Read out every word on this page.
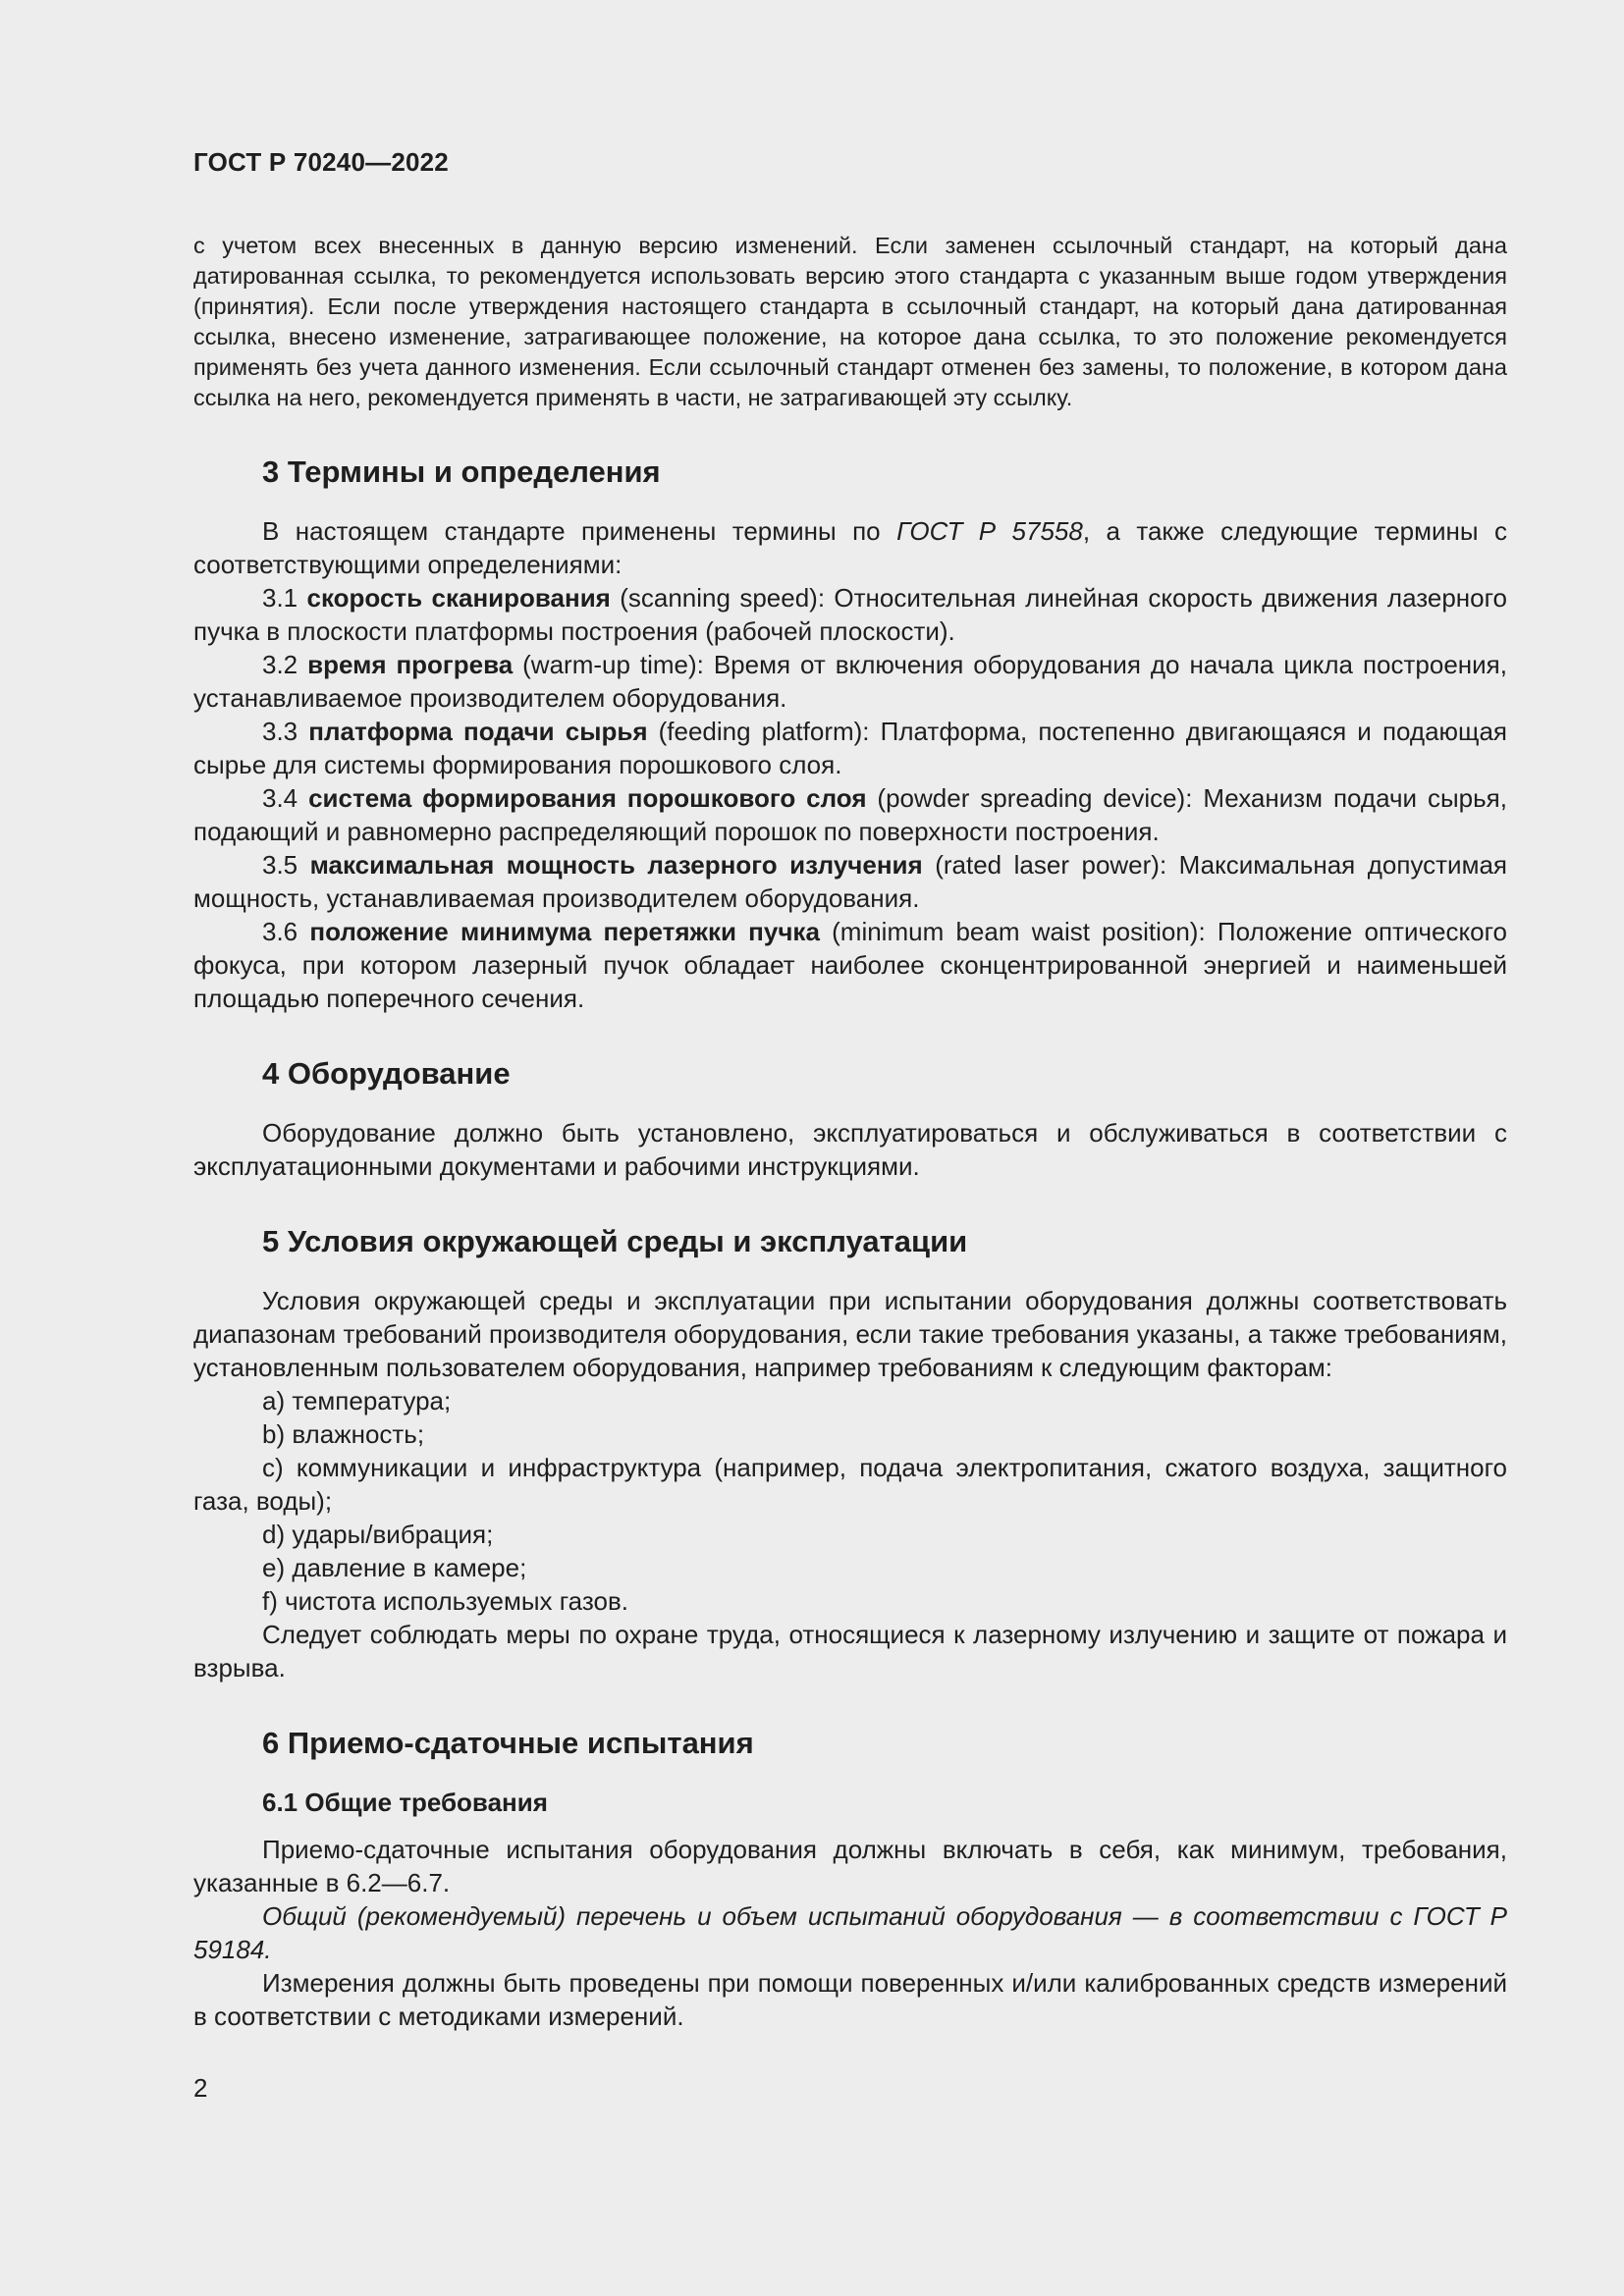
ГОСТ Р 70240—2022

с учетом всех внесенных в данную версию изменений. Если заменен ссылочный стандарт, на который дана датированная ссылка, то рекомендуется использовать версию этого стандарта с указанным выше годом утверждения (принятия). Если после утверждения настоящего стандарта в ссылочный стандарт, на который дана датированная ссылка, внесено изменение, затрагивающее положение, на которое дана ссылка, то это положение рекомендуется применять без учета данного изменения. Если ссылочный стандарт отменен без замены, то положение, в котором дана ссылка на него, рекомендуется применять в части, не затрагивающей эту ссылку.

3 Термины и определения

В настоящем стандарте применены термины по ГОСТ Р 57558, а также следующие термины с соответствующими определениями:

3.1 скорость сканирования (scanning speed): Относительная линейная скорость движения лазерного пучка в плоскости платформы построения (рабочей плоскости).

3.2 время прогрева (warm-up time): Время от включения оборудования до начала цикла построения, устанавливаемое производителем оборудования.

3.3 платформа подачи сырья (feeding platform): Платформа, постепенно двигающаяся и подающая сырье для системы формирования порошкового слоя.

3.4 система формирования порошкового слоя (powder spreading device): Механизм подачи сырья, подающий и равномерно распределяющий порошок по поверхности построения.

3.5 максимальная мощность лазерного излучения (rated laser power): Максимальная допустимая мощность, устанавливаемая производителем оборудования.

3.6 положение минимума перетяжки пучка (minimum beam waist position): Положение оптического фокуса, при котором лазерный пучок обладает наиболее сконцентрированной энергией и наименьшей площадью поперечного сечения.

4 Оборудование

Оборудование должно быть установлено, эксплуатироваться и обслуживаться в соответствии с эксплуатационными документами и рабочими инструкциями.

5 Условия окружающей среды и эксплуатации

Условия окружающей среды и эксплуатации при испытании оборудования должны соответствовать диапазонам требований производителя оборудования, если такие требования указаны, а также требованиям, установленным пользователем оборудования, например требованиям к следующим факторам:

a) температура;

b) влажность;

c) коммуникации и инфраструктура (например, подача электропитания, сжатого воздуха, защитного газа, воды);

d) удары/вибрация;

e) давление в камере;

f) чистота используемых газов.

Следует соблюдать меры по охране труда, относящиеся к лазерному излучению и защите от пожара и взрыва.

6 Приемо-сдаточные испытания
6.1 Общие требования

Приемо-сдаточные испытания оборудования должны включать в себя, как минимум, требования, указанные в 6.2—6.7.

Общий (рекомендуемый) перечень и объем испытаний оборудования — в соответствии с ГОСТ Р 59184.

Измерения должны быть проведены при помощи поверенных и/или калиброванных средств измерений в соответствии с методиками измерений.

2
